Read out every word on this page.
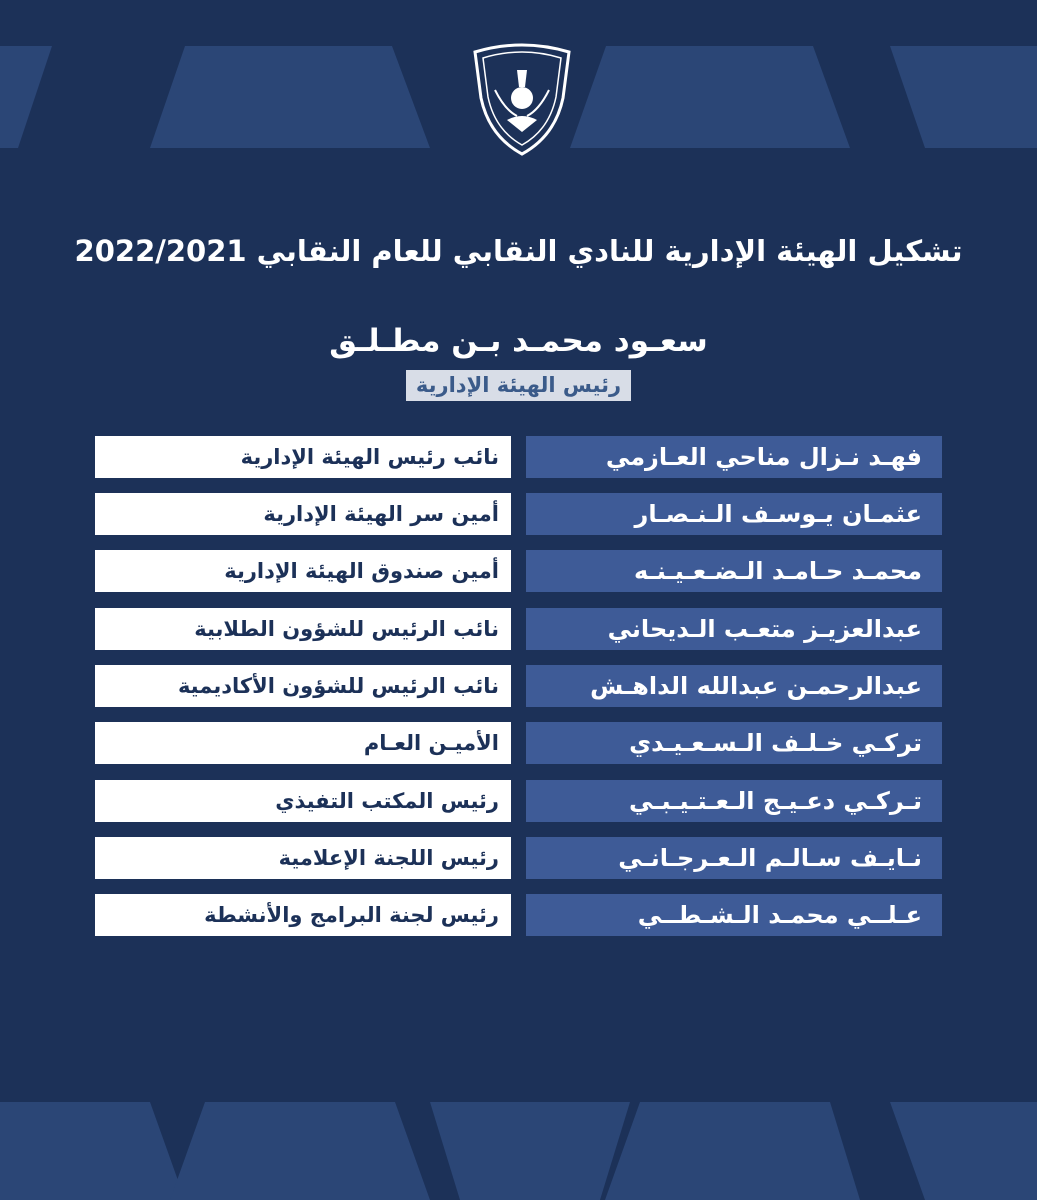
تشكيل الهيئة الإدارية للنادي النقابي للعام النقابي 2022/2021
سعـود محمـد بـن مطـلـق
رئيس الهيئة الإدارية
فهـد نـزال مناحي العـازمي
نائب رئيس الهيئة الإدارية
عثمـان يـوسـف الـنـصـار
أمين سر الهيئة الإدارية
محمـد حـامـد الـضـعـيـنـه
أمين صندوق الهيئة الإدارية
عبدالعزيـز متعـب الـديحاني
نائب الرئيس للشؤون الطلابية
عبدالرحمـن عبدالله الداهـش
نائب الرئيس للشؤون الأكاديمية
تركـي خـلـف الـسـعـيـدي
الأميـن العـام
تـركـي دعـيـج الـعـتـيـبـي
رئيس المكتب التفيذي
نـايـف سـالـم الـعـرجـانـي
رئيس اللجنة الإعلامية
عـلــي محمـد الـشـطــي
رئيس لجنة البرامج والأنشطة
